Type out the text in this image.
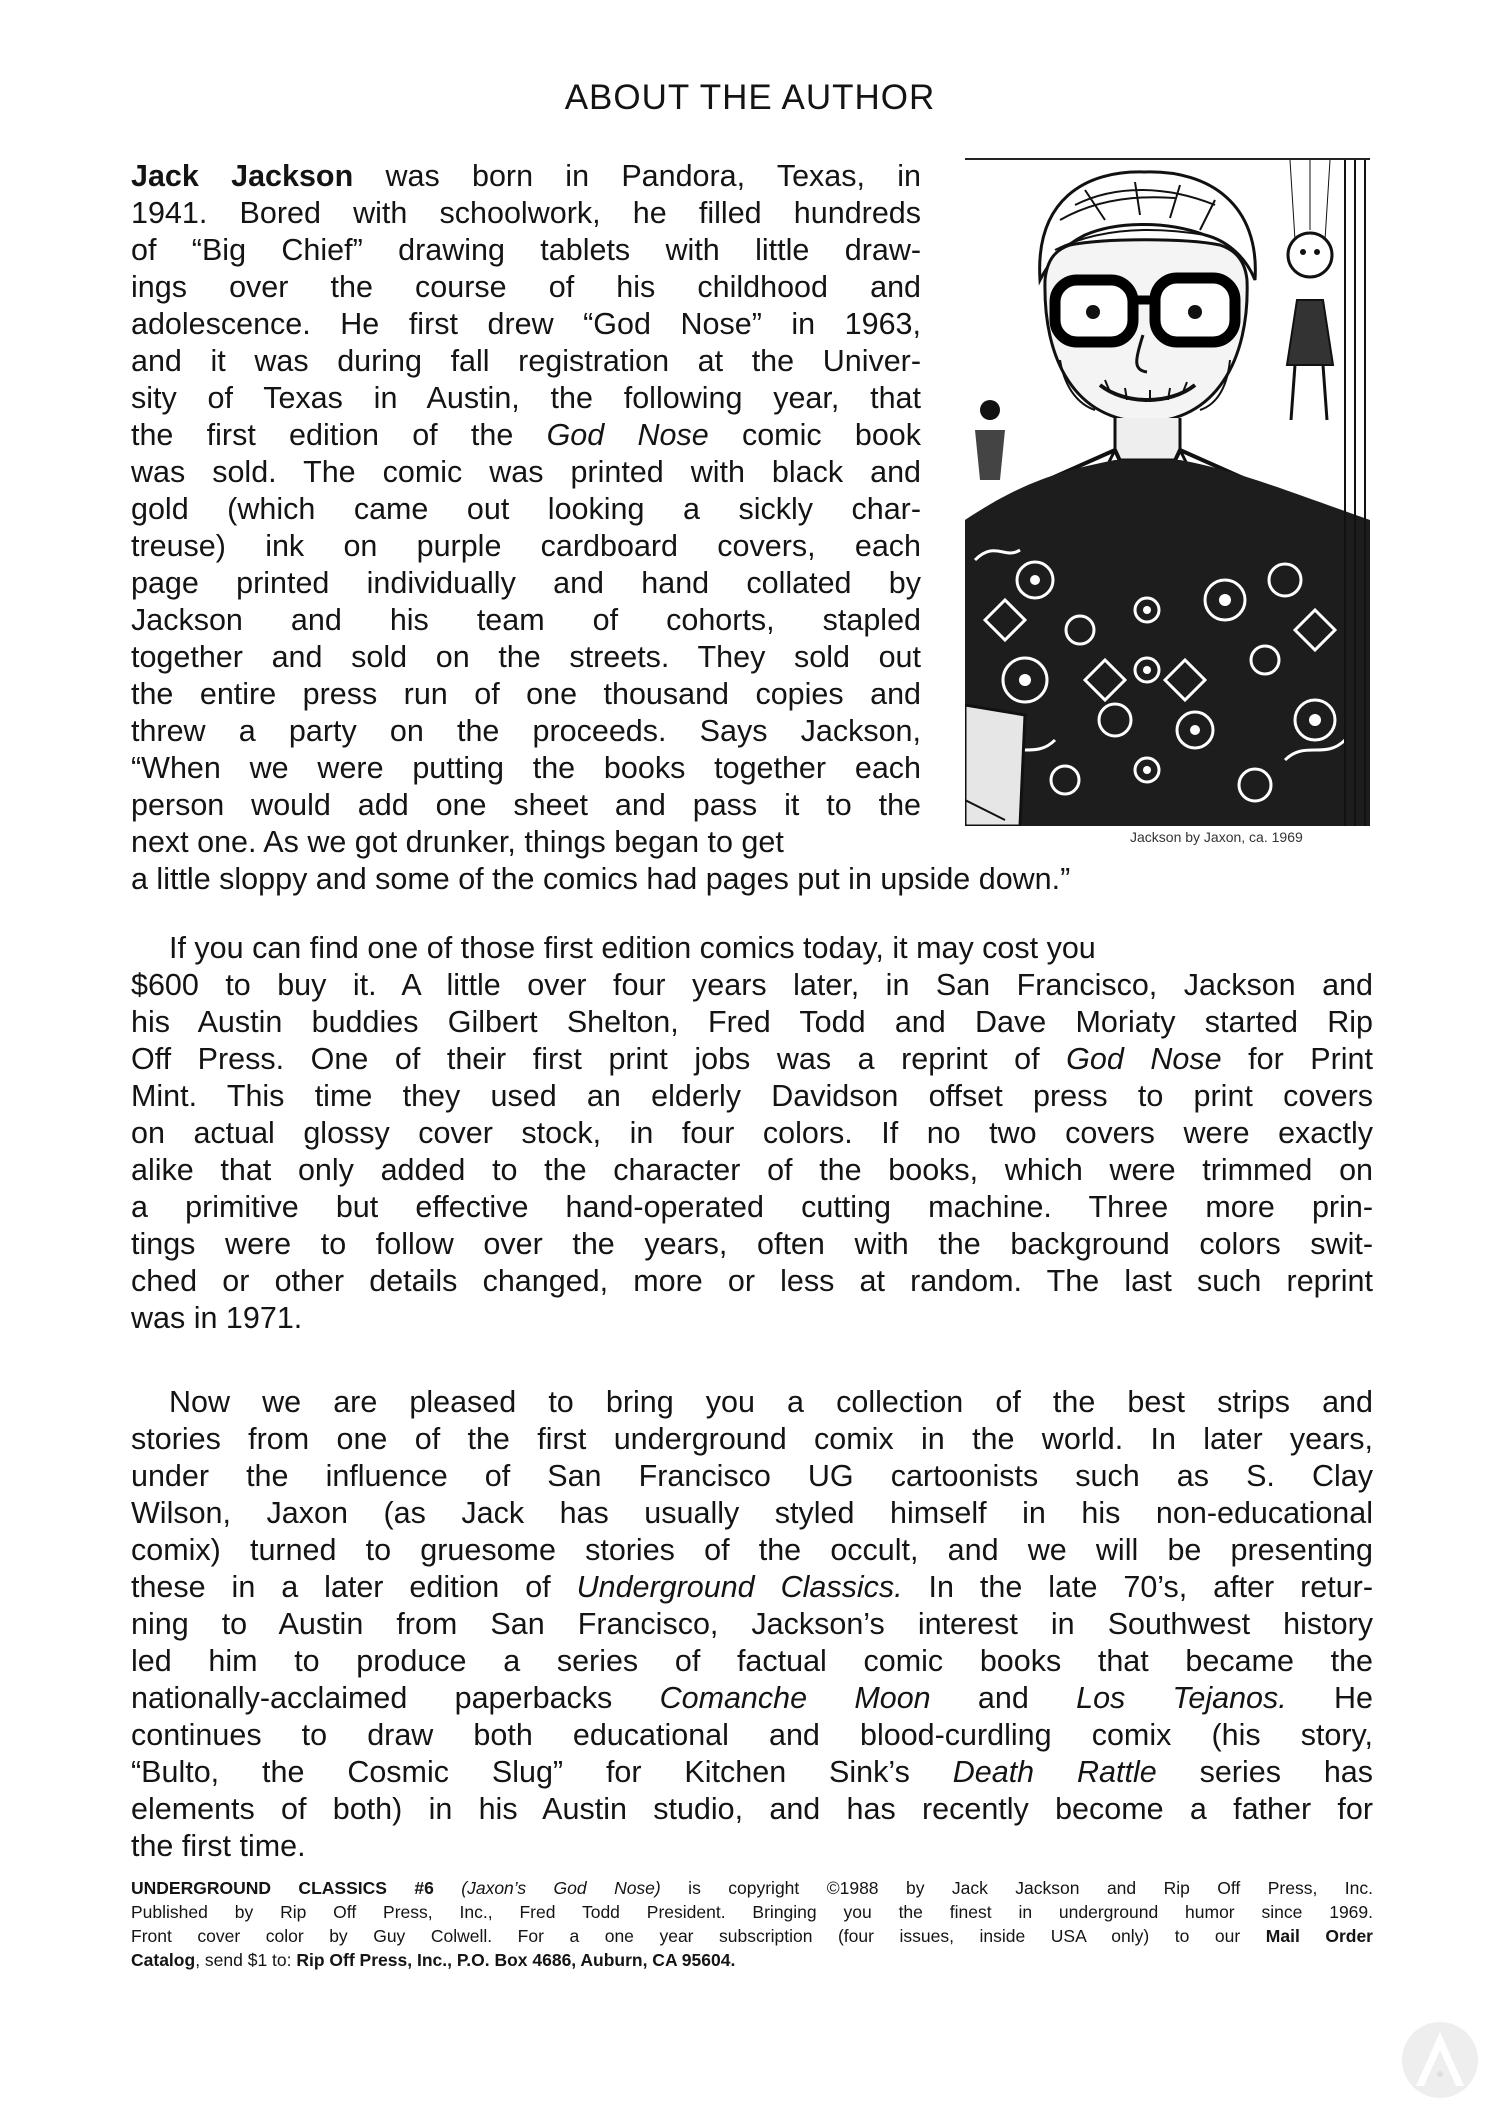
ABOUT THE AUTHOR
Jack Jackson was born in Pandora, Texas, in
1941. Bored with schoolwork, he filled hundreds
of “Big Chief” drawing tablets with little draw-
ings over the course of his childhood and
adolescence. He first drew “God Nose” in 1963,
and it was during fall registration at the Univer-
sity of Texas in Austin, the following year, that
the first edition of the God Nose comic book
was sold. The comic was printed with black and
gold (which came out looking a sickly char-
treuse) ink on purple cardboard covers, each
page printed individually and hand collated by
Jackson and his team of cohorts, stapled
together and sold on the streets. They sold out
the entire press run of one thousand copies and
threw a party on the proceeds. Says Jackson,
“When we were putting the books together each
person would add one sheet and pass it to the
next one. As we got drunker, things began to get
a little sloppy and some of the comics had pages put in upside down.”
Jackson by Jaxon, ca. 1969
If you can find one of those first edition comics today, it may cost you
$600 to buy it. A little over four years later, in San Francisco, Jackson and
his Austin buddies Gilbert Shelton, Fred Todd and Dave Moriaty started Rip
Off Press. One of their first print jobs was a reprint of God Nose for Print
Mint. This time they used an elderly Davidson offset press to print covers
on actual glossy cover stock, in four colors. If no two covers were exactly
alike that only added to the character of the books, which were trimmed on
a primitive but effective hand-operated cutting machine. Three more prin-
tings were to follow over the years, often with the background colors swit-
ched or other details changed, more or less at random. The last such reprint
was in 1971.
Now we are pleased to bring you a collection of the best strips and
stories from one of the first underground comix in the world. In later years,
under the influence of San Francisco UG cartoonists such as S. Clay
Wilson, Jaxon (as Jack has usually styled himself in his non-educational
comix) turned to gruesome stories of the occult, and we will be presenting
these in a later edition of Underground Classics. In the late 70’s, after retur-
ning to Austin from San Francisco, Jackson’s interest in Southwest history
led him to produce a series of factual comic books that became the
nationally-acclaimed paperbacks Comanche Moon and Los Tejanos. He
continues to draw both educational and blood-curdling comix (his story,
“Bulto, the Cosmic Slug” for Kitchen Sink’s Death Rattle series has
elements of both) in his Austin studio, and has recently become a father for
the first time.
UNDERGROUND CLASSICS #6 (Jaxon’s God Nose) is copyright ©1988 by Jack Jackson and Rip Off Press, Inc.
Published by Rip Off Press, Inc., Fred Todd President. Bringing you the finest in underground humor since 1969.
Front cover color by Guy Colwell. For a one year subscription (four issues, inside USA only) to our Mail Order
Catalog, send $1 to: Rip Off Press, Inc., P.O. Box 4686, Auburn, CA 95604.
